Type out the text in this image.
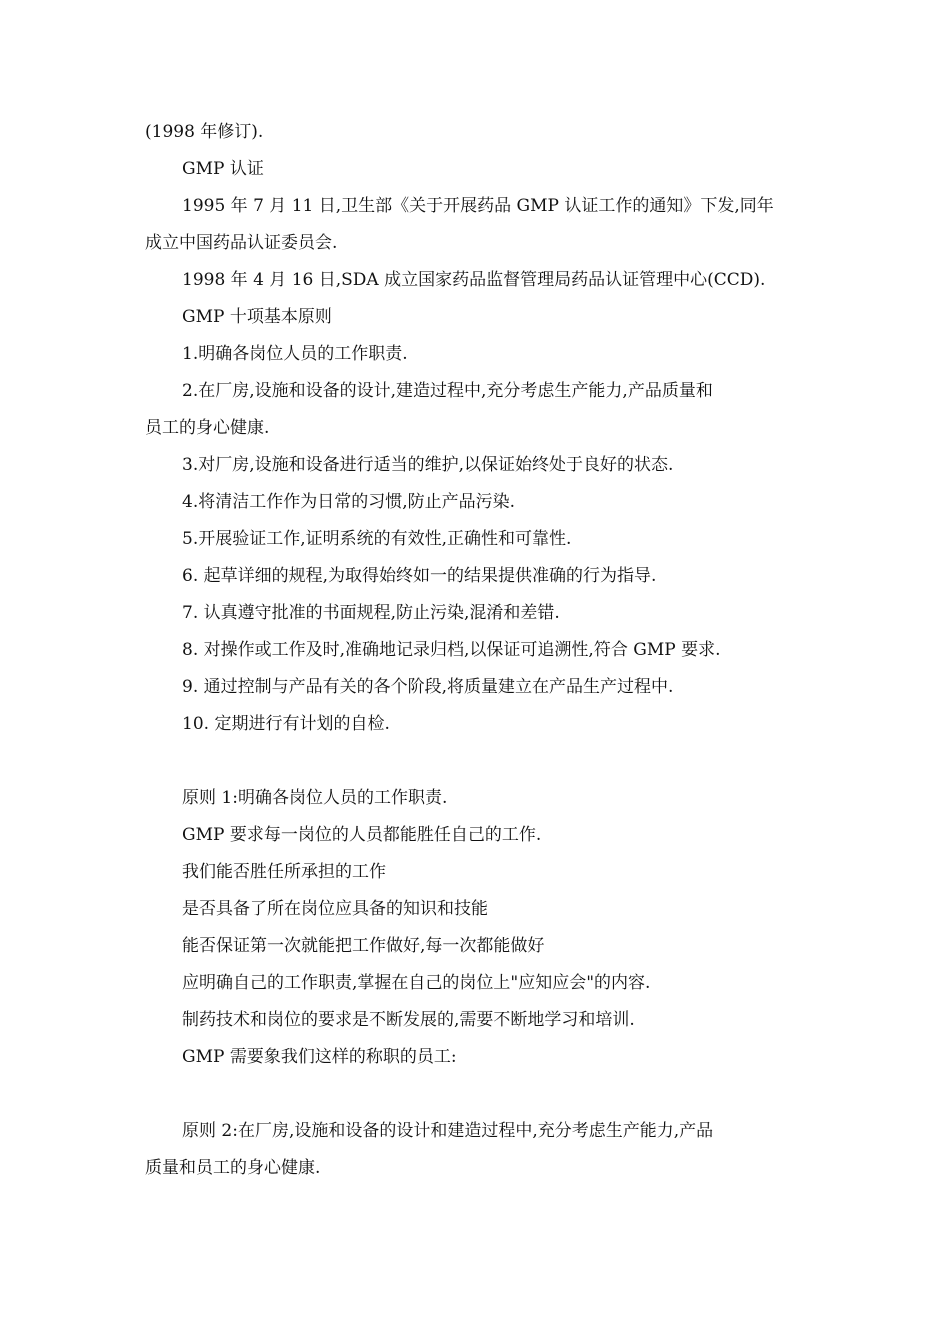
(1998 年修订).
GMP 认证
1995 年 7 月 11 日,卫生部《关于开展药品 GMP 认证工作的通知》下发,同年
成立中国药品认证委员会.
1998 年 4 月 16 日,SDA 成立国家药品监督管理局药品认证管理中心(CCD).
GMP 十项基本原则
1.明确各岗位人员的工作职责.
2.在厂房,设施和设备的设计,建造过程中,充分考虑生产能力,产品质量和
员工的身心健康.
3.对厂房,设施和设备进行适当的维护,以保证始终处于良好的状态.
4.将清洁工作作为日常的习惯,防止产品污染.
5.开展验证工作,证明系统的有效性,正确性和可靠性.
6. 起草详细的规程,为取得始终如一的结果提供准确的行为指导.
7. 认真遵守批准的书面规程,防止污染,混淆和差错.
8. 对操作或工作及时,准确地记录归档,以保证可追溯性,符合 GMP 要求.
9. 通过控制与产品有关的各个阶段,将质量建立在产品生产过程中.
10. 定期进行有计划的自检.
原则 1:明确各岗位人员的工作职责.
GMP 要求每一岗位的人员都能胜任自己的工作.
我们能否胜任所承担的工作
是否具备了所在岗位应具备的知识和技能
能否保证第一次就能把工作做好,每一次都能做好
应明确自己的工作职责,掌握在自己的岗位上"应知应会"的内容.
制药技术和岗位的要求是不断发展的,需要不断地学习和培训.
GMP 需要象我们这样的称职的员工:
原则 2:在厂房,设施和设备的设计和建造过程中,充分考虑生产能力,产品
质量和员工的身心健康.
